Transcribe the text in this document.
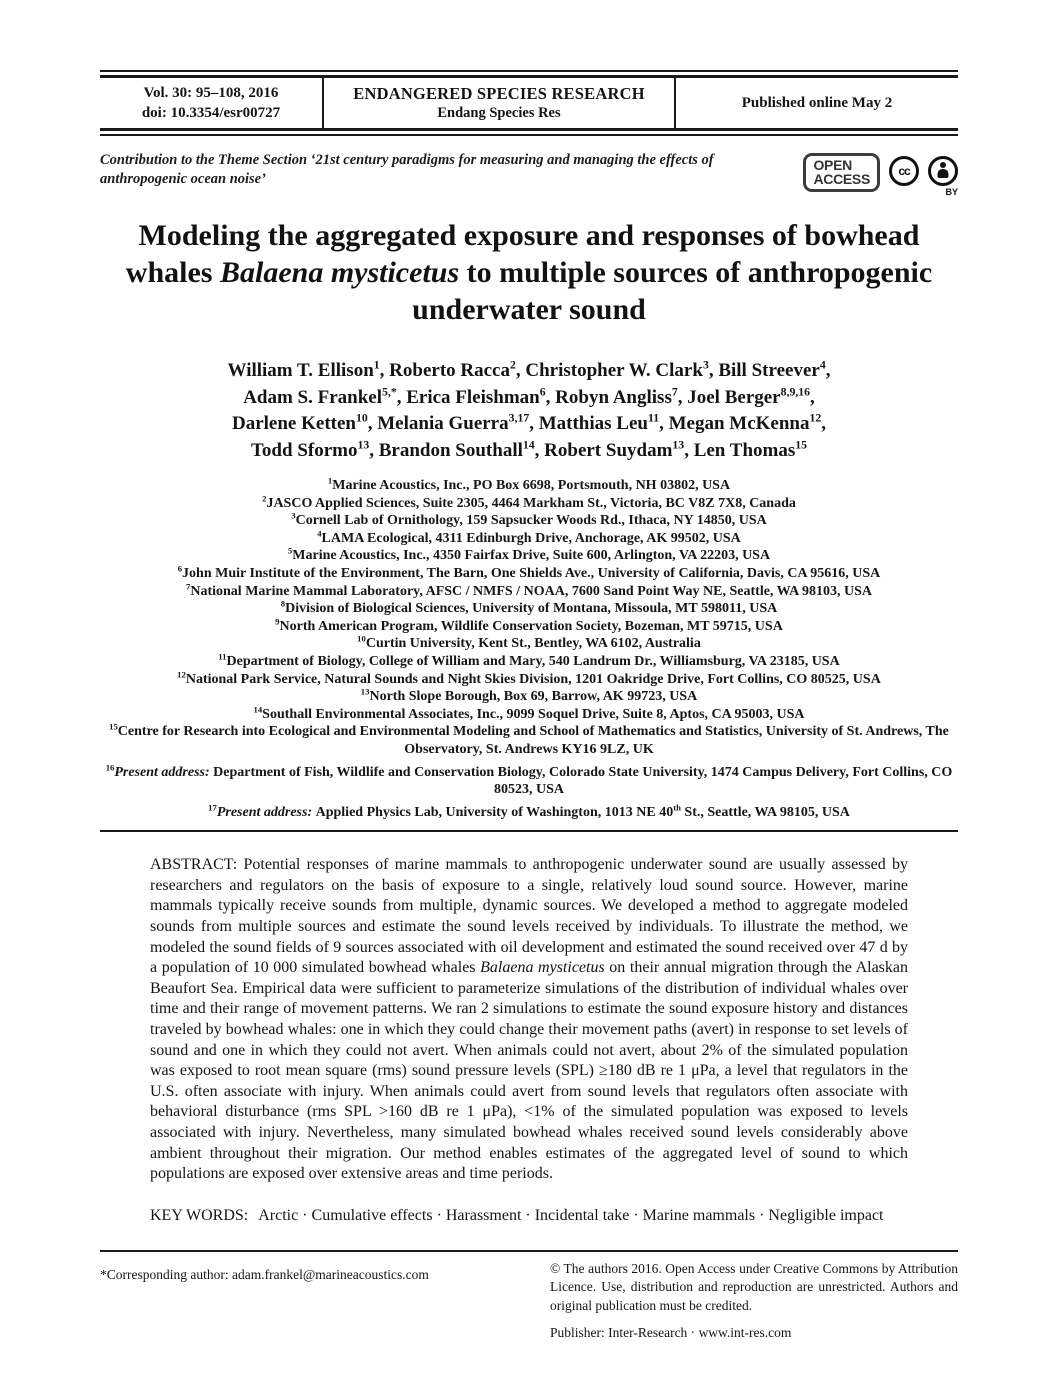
Vol. 30: 95–108, 2016
doi: 10.3354/esr00727
ENDANGERED SPECIES RESEARCH
Endang Species Res
Published online May 2

Contribution to the Theme Section ‘21st century paradigms for measuring and managing the effects of anthropogenic ocean noise’

OPEN
ACCESS cc
BY
Modeling the aggregated exposure and responses of bowhead whales Balaena mysticetus to multiple sources of anthropogenic underwater sound
William T. Ellison$^1$, Roberto Racca$^2$, Christopher W. Clark$^3$, Bill Streever$^4$,
Adam S. Frankel$^{5,*}$, Erica Fleishman$^6$, Robyn Angliss$^7$, Joel Berger$^{8,9,16}$,
Darlene Ketten$^{10}$, Melania Guerra$^{3,17}$, Matthias Leu$^{11}$, Megan McKenna$^{12}$,
Todd Sformo$^{13}$, Brandon Southall$^{14}$, Robert Suydam$^{13}$, Len Thomas$^{15}$
$^1$Marine Acoustics, Inc., PO Box 6698, Portsmouth, NH 03802, USA
$^2$JASCO Applied Sciences, Suite 2305, 4464 Markham St., Victoria, BC V8Z 7X8, Canada
$^3$Cornell Lab of Ornithology, 159 Sapsucker Woods Rd., Ithaca, NY 14850, USA
$^4$LAMA Ecological, 4311 Edinburgh Drive, Anchorage, AK 99502, USA
$^5$Marine Acoustics, Inc., 4350 Fairfax Drive, Suite 600, Arlington, VA 22203, USA
$^6$John Muir Institute of the Environment, The Barn, One Shields Ave., University of California, Davis, CA 95616, USA
$^7$National Marine Mammal Laboratory, AFSC / NMFS / NOAA, 7600 Sand Point Way NE, Seattle, WA 98103, USA
$^8$Division of Biological Sciences, University of Montana, Missoula, MT 598011, USA
$^9$North American Program, Wildlife Conservation Society, Bozeman, MT 59715, USA
$^{10}$Curtin University, Kent St., Bentley, WA 6102, Australia
$^{11}$Department of Biology, College of William and Mary, 540 Landrum Dr., Williamsburg, VA 23185, USA
$^{12}$National Park Service, Natural Sounds and Night Skies Division, 1201 Oakridge Drive, Fort Collins, CO 80525, USA
$^{13}$North Slope Borough, Box 69, Barrow, AK 99723, USA
$^{14}$Southall Environmental Associates, Inc., 9099 Soquel Drive, Suite 8, Aptos, CA 95003, USA
$^{15}$Centre for Research into Ecological and Environmental Modeling and School of Mathematics and Statistics, University of St. Andrews, The Observatory, St. Andrews KY16 9LZ, UK
$^{16}$Present address: Department of Fish, Wildlife and Conservation Biology, Colorado State University, 1474 Campus Delivery, Fort Collins, CO 80523, USA
$^{17}$Present address: Applied Physics Lab, University of Washington, 1013 NE 40th St., Seattle, WA 98105, USA

ABSTRACT: Potential responses of marine mammals to anthropogenic underwater sound are usually assessed by researchers and regulators on the basis of exposure to a single, relatively loud sound source. However, marine mammals typically receive sounds from multiple, dynamic sources. We developed a method to aggregate modeled sounds from multiple sources and estimate the sound levels received by individuals. To illustrate the method, we modeled the sound fields of 9 sources associated with oil development and estimated the sound received over 47 d by a population of 10 000 simulated bowhead whales Balaena mysticetus on their annual migration through the Alaskan Beaufort Sea. Empirical data were sufficient to parameterize simulations of the distribution of individual whales over time and their range of movement patterns. We ran 2 simulations to estimate the sound exposure history and distances traveled by bowhead whales: one in which they could change their movement paths (avert) in response to set levels of sound and one in which they could not avert. When animals could not avert, about 2% of the simulated population was exposed to root mean square (rms) sound pressure levels (SPL) ≥180 dB re 1 μPa, a level that regulators in the U.S. often associate with injury. When animals could avert from sound levels that regulators often associate with behavioral disturbance (rms SPL >160 dB re 1 μPa), <1% of the simulated population was exposed to levels associated with injury. Nevertheless, many simulated bowhead whales received sound levels considerably above ambient throughout their migration. Our method enables estimates of the aggregated level of sound to which populations are exposed over extensive areas and time periods.

KEY WORDS: Arctic · Cumulative effects · Harassment · Incidental take · Marine mammals · Negligible impact

*Corresponding author: adam.frankel@marineacoustics.com	© The authors 2016. Open Access under Creative Commons by Attribution Licence. Use, distribution and reproduction are unrestricted. Authors and original publication must be credited.

Publisher: Inter-Research · www.int-res.com
